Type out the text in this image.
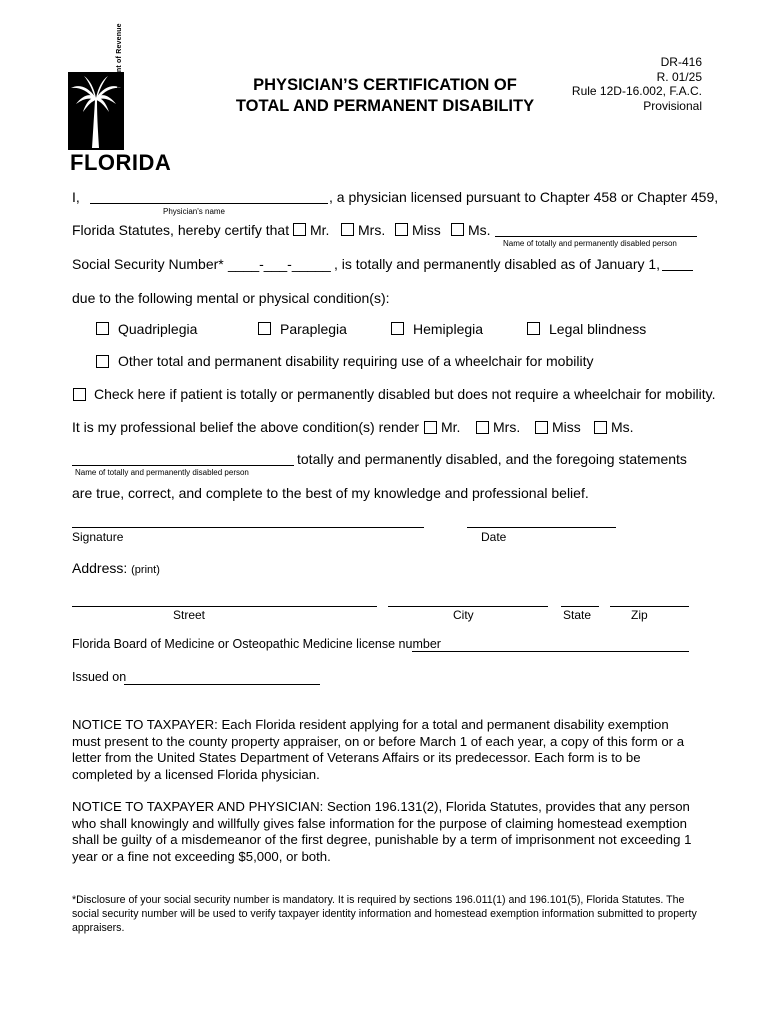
Department of Revenue
FLORIDA
PHYSICIAN’S CERTIFICATION OF
TOTAL AND PERMANENT DISABILITY
DR-416
R. 01/25
Rule 12D-16.002, F.A.C.
Provisional
I,	, a physician licensed pursuant to Chapter 458 or Chapter 459,
Physician's name
Florida Statutes, hereby certify that Mr. Mrs. Miss Ms.
Name of totally and permanently disabled person
Social Security Number* ____-___-_____ , is totally and permanently disabled as of January 1,
due to the following mental or physical condition(s):
Quadriplegia	Paraplegia	Hemiplegia	Legal blindness
Other total and permanent disability requiring use of a wheelchair for mobility
Check here if patient is totally or permanently disabled but does not require a wheelchair for mobility.
It is my professional belief the above condition(s) render Mr. Mrs. Miss Ms.
totally and permanently disabled, and the foregoing statements
Name of totally and permanently disabled person
are true, correct, and complete to the best of my knowledge and professional belief.
Signature	Date
Address: (print)
Street	City	State	Zip
Florida Board of Medicine or Osteopathic Medicine license number
Issued on
NOTICE TO TAXPAYER: Each Florida resident applying for a total and permanent disability exemption must present to the county property appraiser, on or before March 1 of each year, a copy of this form or a letter from the United States Department of Veterans Affairs or its predecessor. Each form is to be completed by a licensed Florida physician.
NOTICE TO TAXPAYER AND PHYSICIAN: Section 196.131(2), Florida Statutes, provides that any person who shall knowingly and willfully gives false information for the purpose of claiming homestead exemption shall be guilty of a misdemeanor of the first degree, punishable by a term of imprisonment not exceeding 1 year or a fine not exceeding $5,000, or both.
*Disclosure of your social security number is mandatory. It is required by sections 196.011(1) and 196.101(5), Florida Statutes. The social security number will be used to verify taxpayer identity information and homestead exemption information submitted to property appraisers.
